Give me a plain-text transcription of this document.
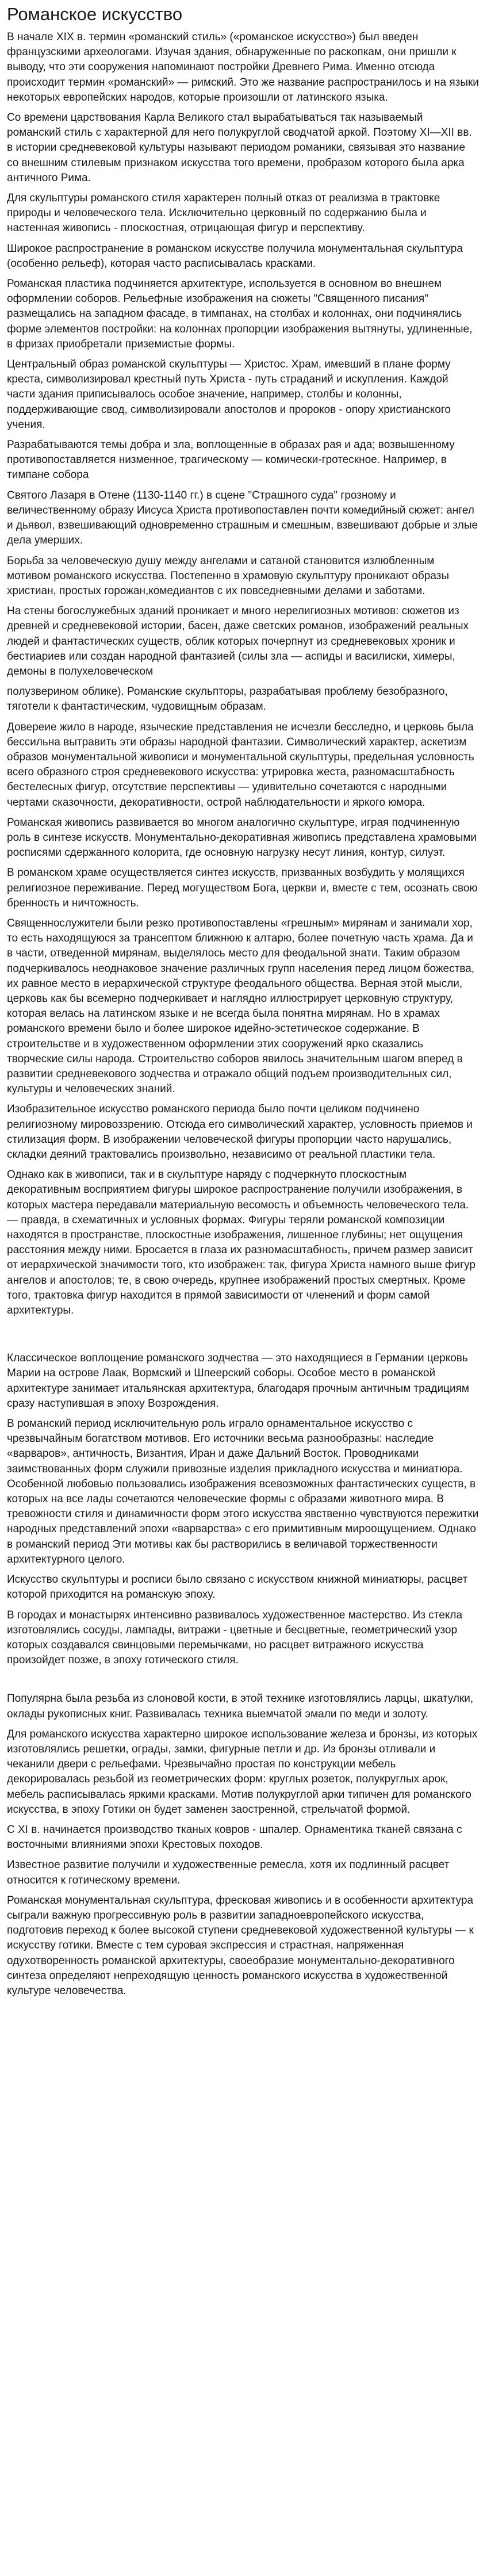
Романское искусство

В начале XIX в. термин «романский стиль» («романское искусство») был введен французскими археологами. Изучая здания, обнаруженные по раскопкам, они пришли к выводу, что эти сооружения напоминают постройки Древнего Рима. Именно отсюда происходит термин «романский» — римский. Это же название распространилось и на языки некоторых европейских народов, которые произошли от латинского языка.

Со времени царствования Карла Великого стал вырабатываться так называемый романский стиль с характерной для него полукруглой сводчатой аркой. Поэтому XI—XII вв. в истории средневековой культуры называют периодом романики, связывая это название со внешним стилевым признаком искусства того времени, пробразом которого была арка античного Рима.

Для скульптуры романского стиля характерен полный отказ от реализма в трактовке природы и человеческого тела. Исключительно церковный по содержанию была и настенная живопись - плоскостная, отрицающая фигур и перспективу.

Широкое распространение в романском искусстве получила монументальная скульптура (особенно рельеф), которая часто расписывалась красками.

Романская пластика подчиняется архитектуре, используется в основном во внешнем оформлении соборов. Рельефные изображения на сюжеты "Священного писания" размещались на западном фасаде, в тимпанах, на столбах и колоннах, они подчинялись форме элементов постройки: на колоннах пропорции изображения вытянуты, удлиненные, в фризах приобретали приземистые формы.

Центральный образ романской скульптуры — Христос. Храм, имевший в плане форму креста, символизировал крестный путь Христа - путь страданий и искупления. Каждой части здания приписывалось особое значение, например, столбы и колонны, поддерживающие свод, символизировали апостолов и пророков - опору христианского учения.

Разрабатываются темы добра и зла, воплощенные в образах рая и ада; возвышенному противопоставляется низменное, трагическому — комически-гротескное. Например, в тимпане собора

Святого Лазаря в Отене (1130-1140 гг.) в сцене "Страшного суда" грозному и величественному образу Иисуса Христа противопоставлен почти комедийный сюжет: ангел и дьявол, взвешивающий одновременно страшным и смешным, взвешивают добрые и злые дела умерших.

Борьба за человеческую душу между ангелами и сатаной становится излюбленным мотивом романского искусства. Постепенно в храмовую скульптуру проникают образы христиан, простых горожан,комедиантов с их повседневными делами и заботами.

На стены богослужебных зданий проникает и много нерелигиозных мотивов: сюжетов из древней и средневековой истории, басен, даже светских романов, изображений реальных людей и фантастических существ, облик которых почерпнут из средневековых хроник и бестиариев или создан народной фантазией (силы зла — аспиды и василиски, химеры, демоны в полухеловеческом

полузверином облике). Романские скульпторы, разрабатывая проблему безобразного, тяготели к фантастическим, чудовищным образам.

Довереие жило в народе, языческие представления не исчезли бесследно, и церковь была бессильна вытравить эти образы народной фантазии. Символический характер, аскетизм образов монументальной живописи и монументальной скульптуры, предельная условность всего образного строя средневекового искусства: утрировка жеста, разномасштабность бестелесных фигур, отсутствие перспективы — удивительно сочетаются с народными чертами сказочности, декоративности, острой наблюдательности и яркого юмора.

Романская живопись развивается во многом аналогично скульптуре, играя подчиненную роль в синтезе искусств. Монументально-декоративная живопись представлена храмовыми росписями сдержанного колорита, где основную нагрузку несут линия, контур, силуэт.

В романском храме осуществляется синтез искусств, призванных возбудить у молящихся религиозное переживание. Перед могуществом Бога, церкви и, вместе с тем, осознать свою бренность и ничтожность.

Священнослужители были резко противопоставлены «грешным» мирянам и занимали хор, то есть находящуюся за трансептом ближнюю к алтарю, более почетную часть храма. Да и в части, отведенной мирянам, выделялось место для феодальной знати. Таким образом подчеркивалось неоднаковое значение различных групп населения перед лицом божества, их равное место в иерархической структуре феодального общества. Верная этой мысли, церковь как бы всемерно подчеркивает и наглядно иллюстрирует церковную структуру, которая велась на латинском языке и не всегда была понятна мирянам. Но в храмах романского времени было и более широкое идейно-эстетическое содержание. В строительстве и в художественном оформлении этих сооружений ярко сказались творческие силы народа. Строительство соборов явилось значительным шагом вперед в развитии средневекового зодчества и отражало общий подъем производительных сил, культуры и человеческих знаний.

Изобразительное искусство романского периода было почти целиком подчинено религиозному мировоззрению. Отсюда его символический характер, условность приемов и стилизация форм. В изображении человеческой фигуры пропорции часто нарушались, складки деяний трактовались произвольно, независимо от реальной пластики тела.

Однако как в живописи, так и в скульптуре наряду с подчеркнуто плоскостным декоративным восприятием фигуры широкое распространение получили изображения, в которых мастера передавали материальную весомость и объемность человеческого тела.— правда, в схематичных и условных формах. Фигуры теряли романской композиции находятся в пространстве, плоскостные изображения, лишенное глубины; нет ощущения расстояния между ними. Бросается в глаза их разномасштабность, причем размер зависит от иерархической значимости того, кто изображен: так, фигура Христа намного выше фигур ангелов и апостолов; те, в свою очередь, крупнее изображений простых смертных. Кроме того, трактовка фигур находится в прямой зависимости от членений и форм самой архитектуры.

Классическое воплощение романского зодчества — это находящиеся в Германии церковь Марии на острове Лаак, Вормский и Шпеерский соборы. Особое место в романской архитектуре занимает итальянская архитектура, благодаря прочным античным традициям сразу наступившая в эпоху Возрождения.

В романский период исключительную роль играло орнаментальное искусство с чрезвычайным богатством мотивов. Его источники весьма разнообразны: наследие «варваров», античность, Византия, Иран и даже Дальний Восток. Проводниками заимствованных форм служили привозные изделия прикладного искусства и миниатюра. Особенной любовью пользовались изображения всевозможных фантастических существ, в которых на все лады сочетаются человеческие формы с образами животного мира. В тревожности стиля и динамичности форм этого искусства явственно чувствуются пережитки народных представлений эпохи «варварства» с его примитивным мироощущением. Однако в романский период Эти мотивы как бы растворились в величавой торжественности архитектурного целого.

Искусство скульптуры и росписи было связано с искусством книжной миниатюры, расцвет которой приходится на романскую эпоху.

В городах и монастырях интенсивно развивалось художественное мастерство. Из стекла изготовлялись сосуды, лампады, витражи - цветные и бесцветные, геометрический узор которых создавался свинцовыми перемычками, но расцвет витражного искусства произойдет позже, в эпоху готического стиля.

Популярна была резьба из слоновой кости, в этой технике изготовлялись ларцы, шкатулки, оклады рукописных книг. Развивалась техника выемчатой эмали по меди и золоту.

Для романского искусства характерно широкое использование железа и бронзы, из которых изготовлялись решетки, ограды, замки, фигурные петли и др. Из бронзы отливали и чеканили двери с рельефами. Чрезвычайно простая по конструкции мебель декорировалась резьбой из геометрических форм: круглых розеток, полукруглых арок, мебель расписывалась яркими красками. Мотив полукруглой арки типичен для романского искусства, в эпоху Готики он будет заменен заостренной, стрельчатой формой.

С XI в. начинается производство тканых ковров - шпалер. Орнаментика тканей связана с восточными влияниями эпохи Крестовых походов.

Известное развитие получили и художественные ремесла, хотя их подлинный расцвет относится к готическому времени.

Романская монументальная скульптура, фресковая живопись и в особенности архитектура сыграли важную прогрессивную роль в развитии западноевропейского искусства, подготовив переход к более высокой ступени средневековой художественной культуры — к искусству готики. Вместе с тем суровая экспрессия и страстная, напряженная одухотворенность романской архитектуры, своеобразие монументально-декоративного синтеза определяют непреходящую ценность романского искусства в художественной культуре человечества.
